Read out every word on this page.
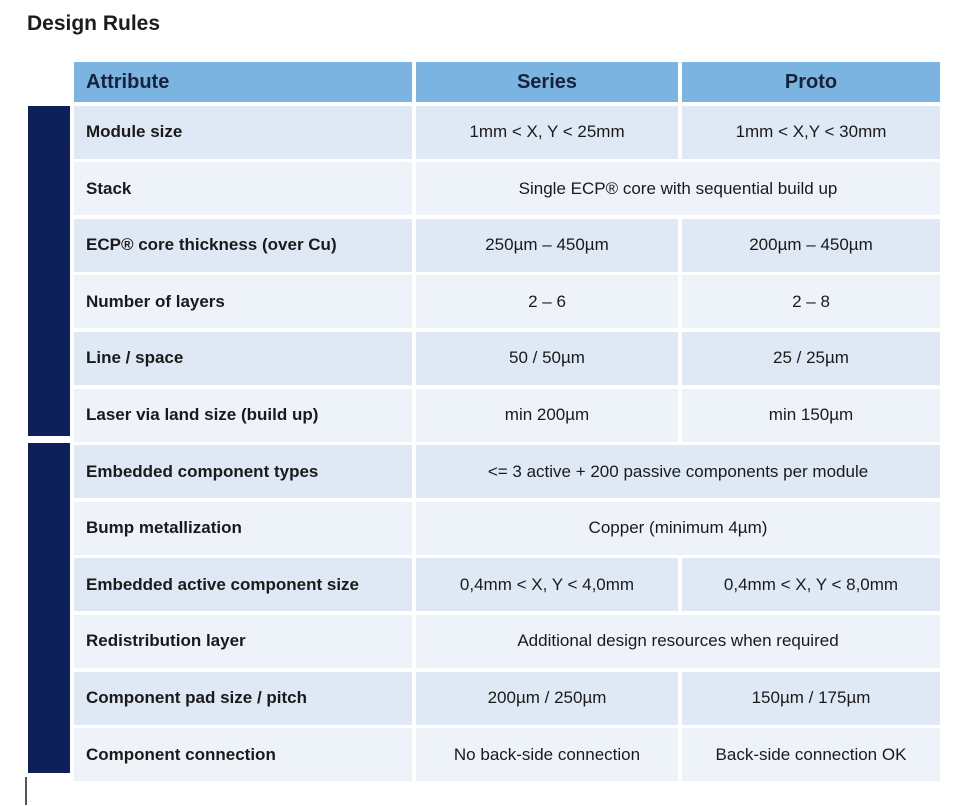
Design Rules
Attribute	Series	Proto
Module size	1mm < X, Y < 25mm	1mm < X,Y < 30mm
Stack	Single ECP® core with sequential build up
ECP® core thickness (over Cu)	250µm – 450µm	200µm – 450µm
Number of layers	2 – 6	2 – 8
Line / space	50 / 50µm	25 / 25µm
Laser via land size (build up)	min 200µm	min 150µm
Embedded component types	<= 3 active + 200 passive components per module
Bump metallization	Copper (minimum 4µm)
Embedded active component size	0,4mm < X, Y < 4,0mm	0,4mm < X, Y < 8,0mm
Redistribution layer	Additional design resources when required
Component pad size / pitch	200µm / 250µm	150µm / 175µm
Component connection	No back-side connection	Back-side connection OK
